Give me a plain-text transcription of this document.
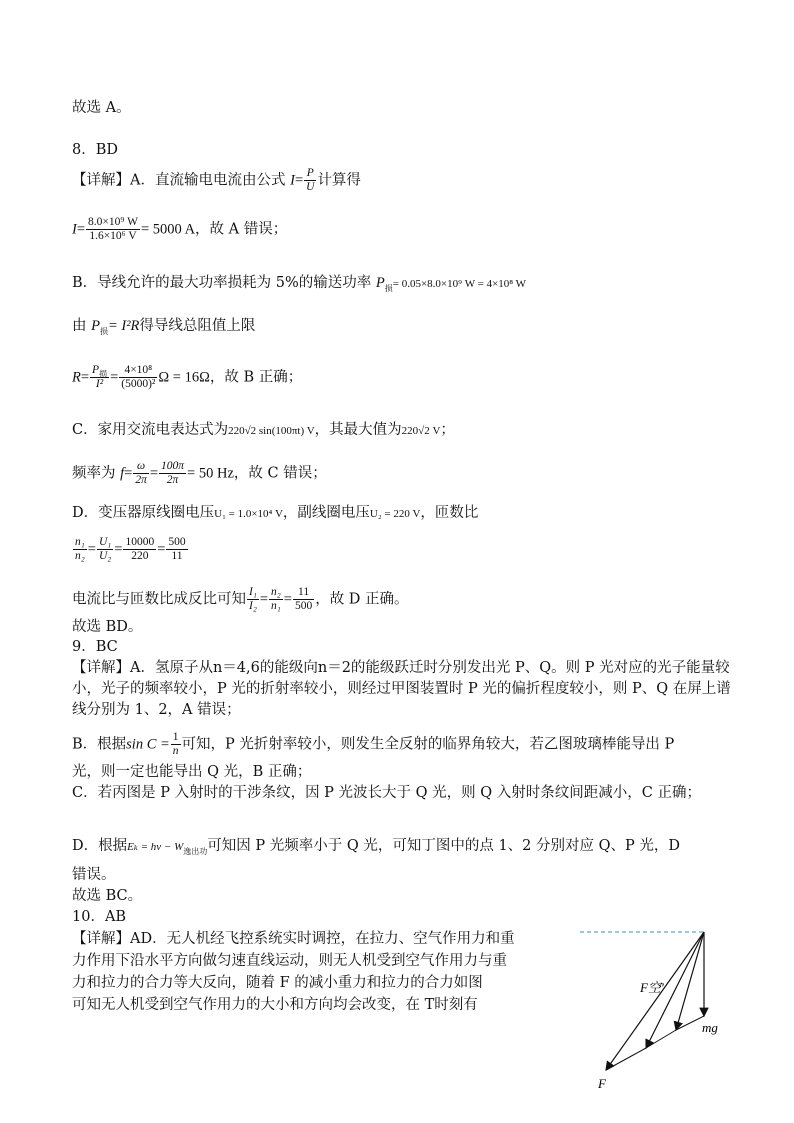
故选 A。
8．BD
【详解】A．直流输电电流由公式 $I= \frac{P}{U}$ 计算得
$I= \frac{\text{8.0×10⁹ W}}{\text{1.6×10⁶ V}} = 5000$ A，故 A 错误；
B．导线允许的最大功率损耗为 5%的输送功率 $P_损= 0.05\times 8.0\times 10^9$ W = 4×10⁸ W
由 $P_损= I^2R$得导线总阻值上限
$R= P_损$
$I^2 = \frac{\text{4×10⁸}}{\text{(5000)²}}$ Ω = 16Ω，故 B 正确；
C．家用交流电表达式为220√2 sin(100πt) V，其最大值为220√2 V；
频率为 $f= \frac{\omega}{2\pi} = \frac{100\pi}{2\pi} = 50$ Hz，故 C 错误；
D．变压器原线圈电压U₁ = 1.0×10⁴ V，副线圈电压U₂ = 220 V，匝数比
$\frac{\text{n₁}}{\text{n₂}} = \frac{\text{U₁}}{\text{U₂}} = \frac{10000}{220} = \frac{500}{11}$
电流比与匝数比成反比可知 $\frac{\text{I₁}}{\text{I₂}} = \frac{\text{n₂}}{\text{n₁}} = \frac{11}{500}$ ，故 D 正确。
故选 BD。
9．BC
【详解】A．氢原子从n＝4,6的能级向n＝2的能级跃迁时分别发出光 P、Q。则 P 光对应的光子能量较小，光子的频率较小，P 光的折射率较小，则经过甲图装置时 P 光的偏折程度较小，则 P、Q 在屏上谱线分别为 1、2，A 错误；
B．根据$\sin C = \frac{1}{n}$ 可知，P 光折射率较小，则发生全反射的临界角较大，若乙图玻璃棒能导出 P
光，则一定也能导出 Q 光，B 正确；
C．若丙图是 P 入射时的干涉条纹，因 P 光波长大于 Q 光，则 Q 入射时条纹间距减小，C 正确；
D．根据$E_k = h\nu - W_{逸出功}$可知因 P 光频率小于 Q 光，可知丁图中的点 1、2 分别对应 Q、P 光，D
错误。
故选 BC。
10．AB
【详解】AD．无人机经飞控系统实时调控，在拉力、空气作用力和重
力作用下沿水平方向做匀速直线运动，则无人机受到空气作用力与重
力和拉力的合力等大反向，随着 F 的减小重力和拉力的合力如图
可知无人机受到空气作用力的大小和方向均会改变，在 T时刻有
F空′
mg
F
